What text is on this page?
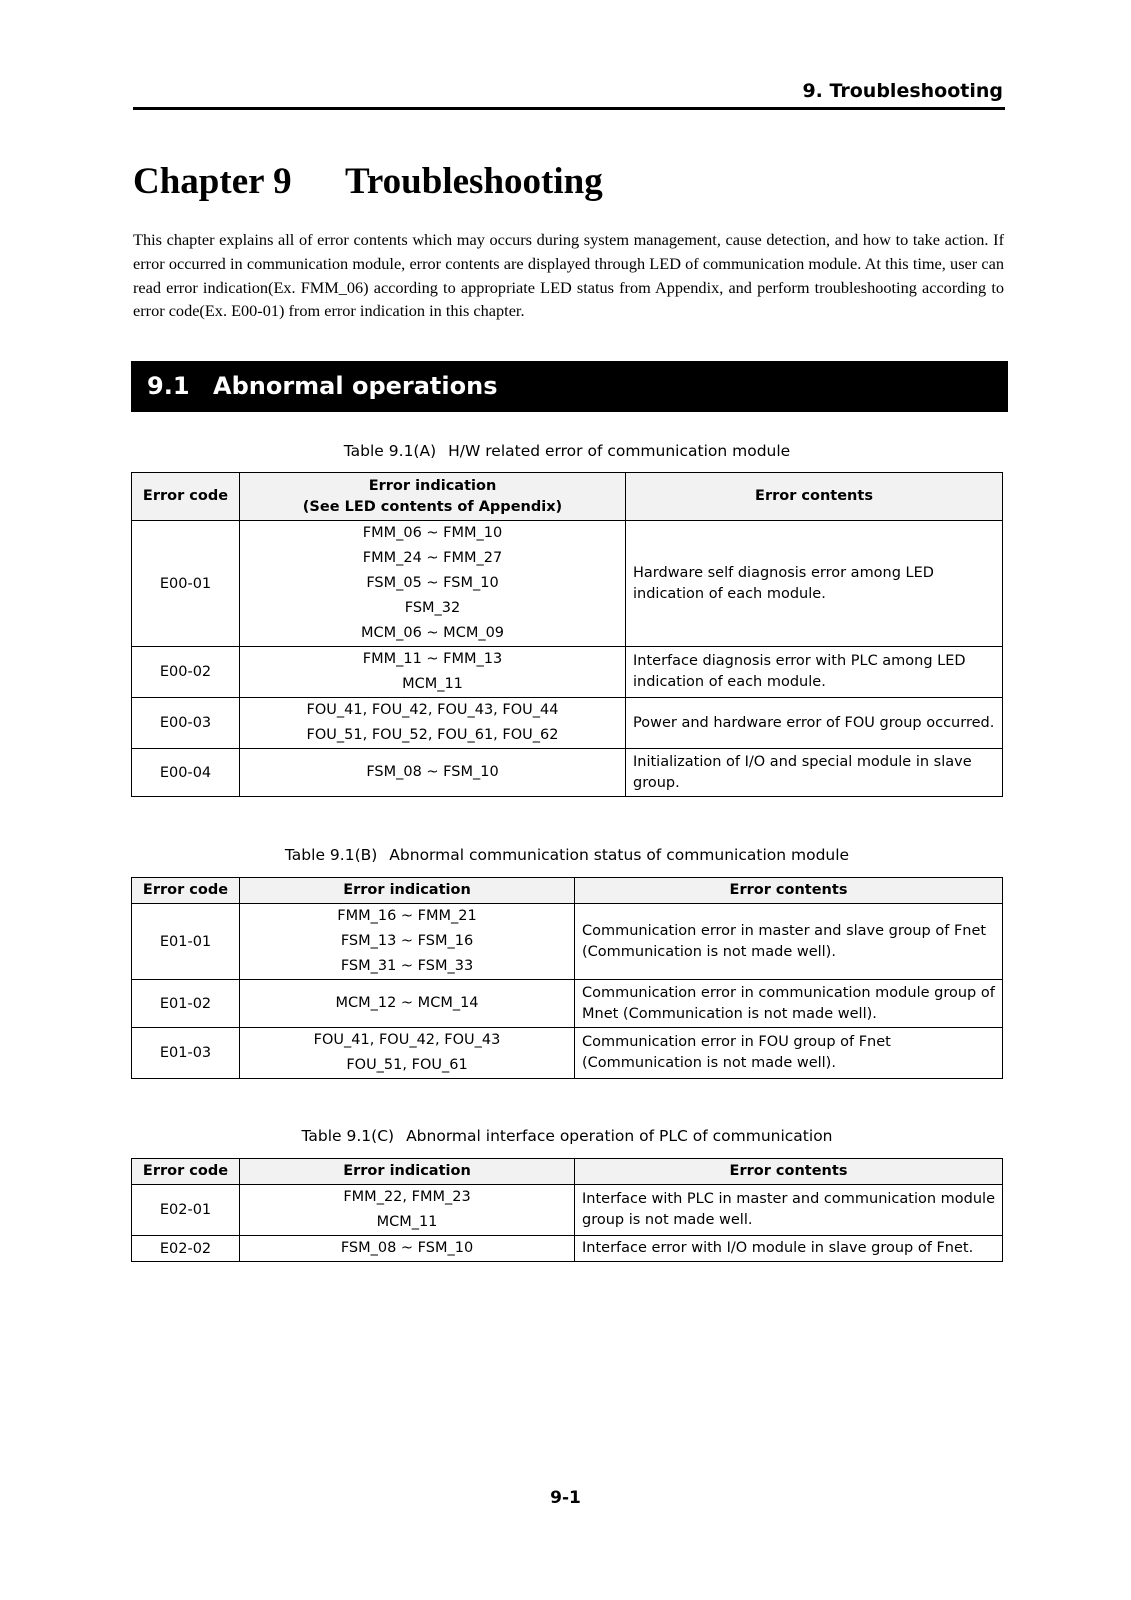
9. Troubleshooting
Chapter 9 Troubleshooting

This chapter explains all of error contents which may occurs during system management, cause detection, and how to take action. If error occurred in communication module, error contents are displayed through LED of communication module. At this time, user can read error indication(Ex. FMM_06) according to appropriate LED status from Appendix, and perform troubleshooting according to error code(Ex. E00-01) from error indication in this chapter.

9.1 Abnormal operations
Table 9.1(A) H/W related error of communication module
Error code	Error indication
(See LED contents of Appendix)	Error contents
E00-01	FMM_06 ~ FMM_10
FMM_24 ~ FMM_27
FSM_05 ~ FSM_10
FSM_32
MCM_06 ~ MCM_09	Hardware self diagnosis error among LED indication of each module.
E00-02	FMM_11 ~ FMM_13
MCM_11	Interface diagnosis error with PLC among LED indication of each module.
E00-03	FOU_41, FOU_42, FOU_43, FOU_44
FOU_51, FOU_52, FOU_61, FOU_62	Power and hardware error of FOU group occurred.
E00-04	FSM_08 ~ FSM_10	Initialization of I/O and special module in slave group.
Table 9.1(B) Abnormal communication status of communication module
Error code	Error indication	Error contents
E01-01	FMM_16 ~ FMM_21
FSM_13 ~ FSM_16
FSM_31 ~ FSM_33	Communication error in master and slave group of Fnet (Communication is not made well).
E01-02	MCM_12 ~ MCM_14	Communication error in communication module group of Mnet (Communication is not made well).
E01-03	FOU_41, FOU_42, FOU_43
FOU_51, FOU_61	Communication error in FOU group of Fnet (Communication is not made well).
Table 9.1(C) Abnormal interface operation of PLC of communication
Error code	Error indication	Error contents
E02-01	FMM_22, FMM_23
MCM_11	Interface with PLC in master and communication module group is not made well.
E02-02	FSM_08 ~ FSM_10	Interface error with I/O module in slave group of Fnet.
9-1
